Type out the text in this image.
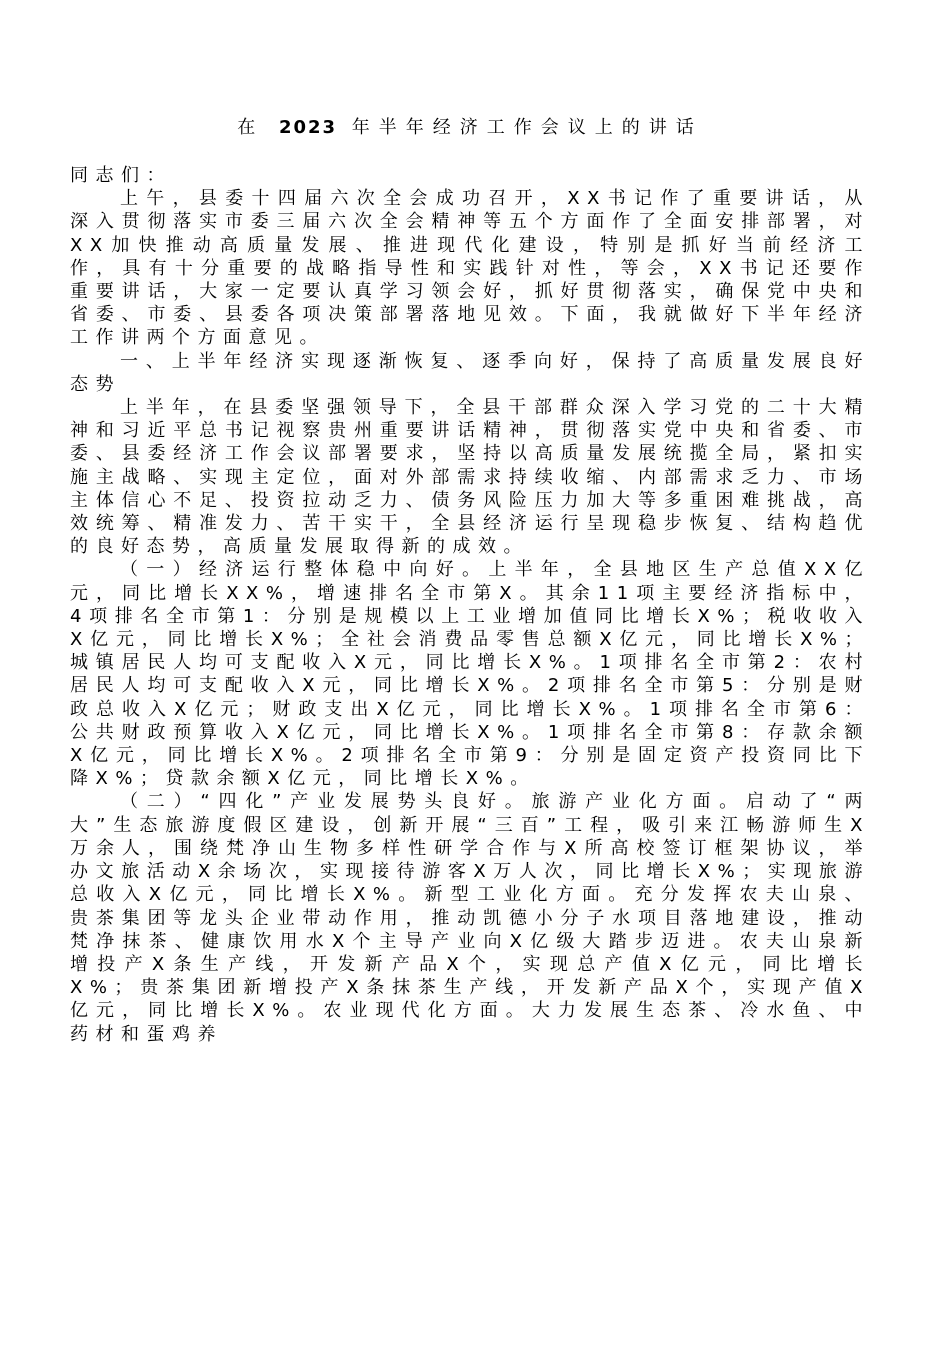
在 2023 年半年经济工作会议上的讲话

同志们：

上午，县委十四届六次全会成功召开，XX书记作了重要讲话，从深入贯彻落实市委三届六次全会精神等五个方面作了全面安排部署，对XX加快推动高质量发展、推进现代化建设，特别是抓好当前经济工作，具有十分重要的战略指导性和实践针对性，等会，XX书记还要作重要讲话，大家一定要认真学习领会好，抓好贯彻落实，确保党中央和省委、市委、县委各项决策部署落地见效。下面，我就做好下半年经济工作讲两个方面意见。

一、上半年经济实现逐渐恢复、逐季向好，保持了高质量发展良好态势

上半年，在县委坚强领导下，全县干部群众深入学习党的二十大精神和习近平总书记视察贵州重要讲话精神，贯彻落实党中央和省委、市委、县委经济工作会议部署要求，坚持以高质量发展统揽全局，紧扣实施主战略、实现主定位，面对外部需求持续收缩、内部需求乏力、市场主体信心不足、投资拉动乏力、债务风险压力加大等多重困难挑战，高效统筹、精准发力、苦干实干，全县经济运行呈现稳步恢复、结构趋优的良好态势，高质量发展取得新的成效。

（一）经济运行整体稳中向好。上半年，全县地区生产总值XX亿元，同比增长XX%，增速排名全市第X。其余11项主要经济指标中，4项排名全市第1：分别是规模以上工业增加值同比增长X%；税收收入X亿元，同比增长X%；全社会消费品零售总额X亿元，同比增长X%；城镇居民人均可支配收入X元，同比增长X%。1项排名全市第2：农村居民人均可支配收入X元，同比增长X%。2项排名全市第5：分别是财政总收入X亿元；财政支出X亿元，同比增长X%。1项排名全市第6：公共财政预算收入X亿元，同比增长X%。1项排名全市第8：存款余额X亿元，同比增长X%。2项排名全市第9：分别是固定资产投资同比下降X%；贷款余额X亿元，同比增长X%。

（二）“四化”产业发展势头良好。旅游产业化方面。启动了“两大”生态旅游度假区建设，创新开展“三百”工程，吸引来江畅游师生X万余人，围绕梵净山生物多样性研学合作与X所高校签订框架协议，举办文旅活动X余场次，实现接待游客X万人次，同比增长X%；实现旅游总收入X亿元，同比增长X%。新型工业化方面。充分发挥农夫山泉、贵茶集团等龙头企业带动作用，推动凯德小分子水项目落地建设，推动梵净抹茶、健康饮用水X个主导产业向X亿级大踏步迈进。农夫山泉新增投产X条生产线，开发新产品X个，实现总产值X亿元，同比增长X%；贵茶集团新增投产X条抹茶生产线，开发新产品X个，实现产值X亿元，同比增长X%。农业现代化方面。大力发展生态茶、冷水鱼、中药材和蛋鸡养
